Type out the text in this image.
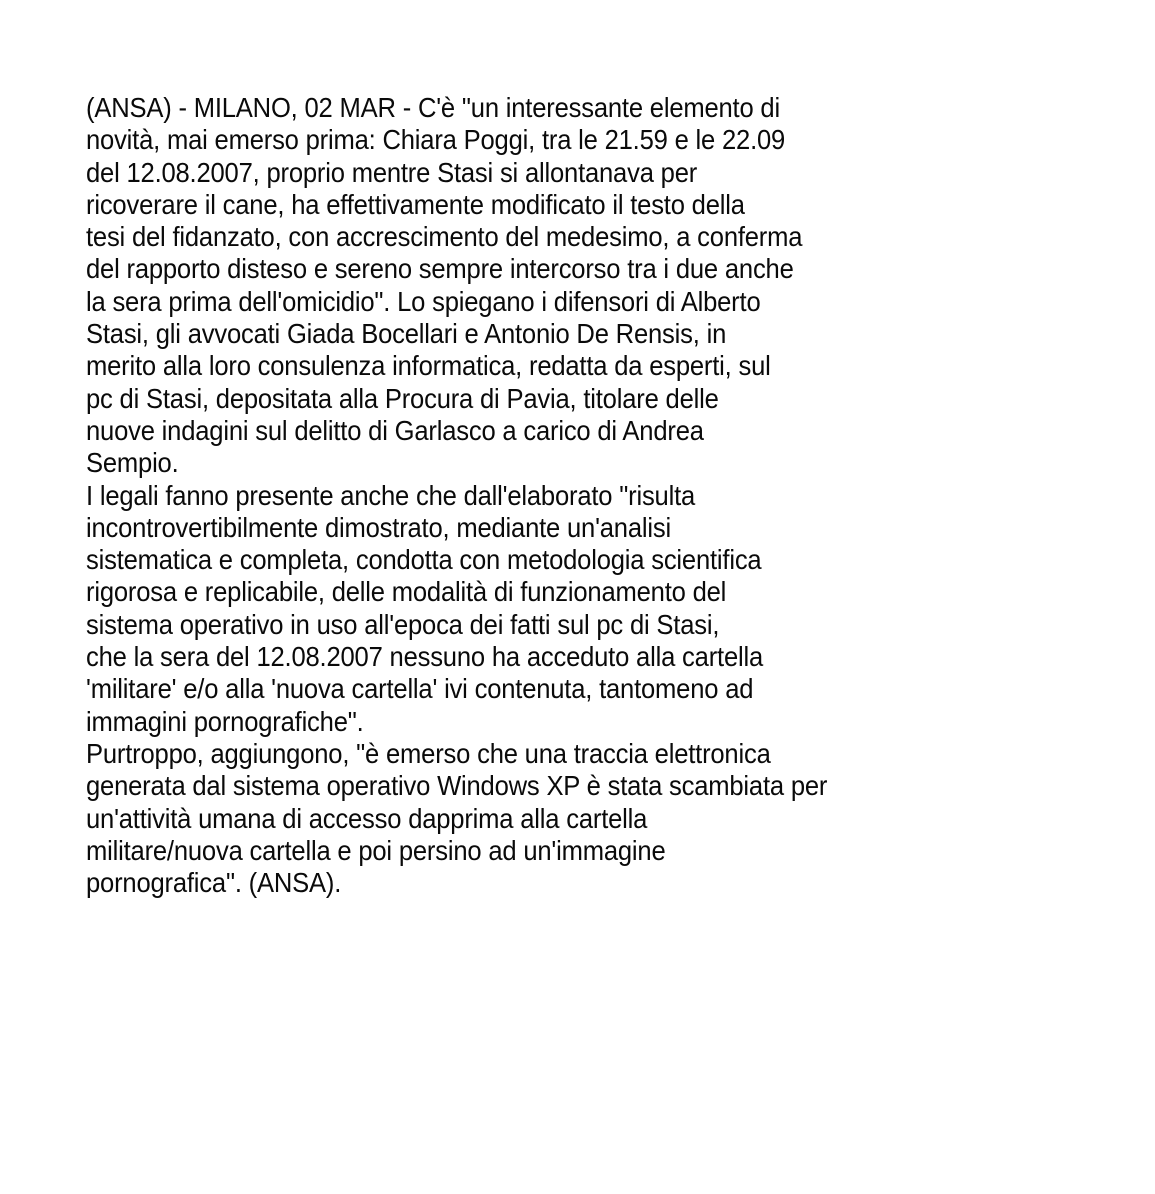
(ANSA) - MILANO, 02 MAR - C'è "un interessante elemento di
novità, mai emerso prima: Chiara Poggi, tra le 21.59 e le 22.09
del 12.08.2007, proprio mentre Stasi si allontanava per
ricoverare il cane, ha effettivamente modificato il testo della
tesi del fidanzato, con accrescimento del medesimo, a conferma
del rapporto disteso e sereno sempre intercorso tra i due anche
la sera prima dell'omicidio". Lo spiegano i difensori di Alberto
Stasi, gli avvocati Giada Bocellari e Antonio De Rensis, in
merito alla loro consulenza informatica, redatta da esperti, sul
pc di Stasi, depositata alla Procura di Pavia, titolare delle
nuove indagini sul delitto di Garlasco a carico di Andrea
Sempio.
I legali fanno presente anche che dall'elaborato "risulta
incontrovertibilmente dimostrato, mediante un'analisi
sistematica e completa, condotta con metodologia scientifica
rigorosa e replicabile, delle modalità di funzionamento del
sistema operativo in uso all'epoca dei fatti sul pc di Stasi,
che la sera del 12.08.2007 nessuno ha acceduto alla cartella
'militare' e/o alla 'nuova cartella' ivi contenuta, tantomeno ad
immagini pornografiche".
Purtroppo, aggiungono, "è emerso che una traccia elettronica
generata dal sistema operativo Windows XP è stata scambiata per
un'attività umana di accesso dapprima alla cartella
militare/nuova cartella e poi persino ad un'immagine
pornografica". (ANSA).
